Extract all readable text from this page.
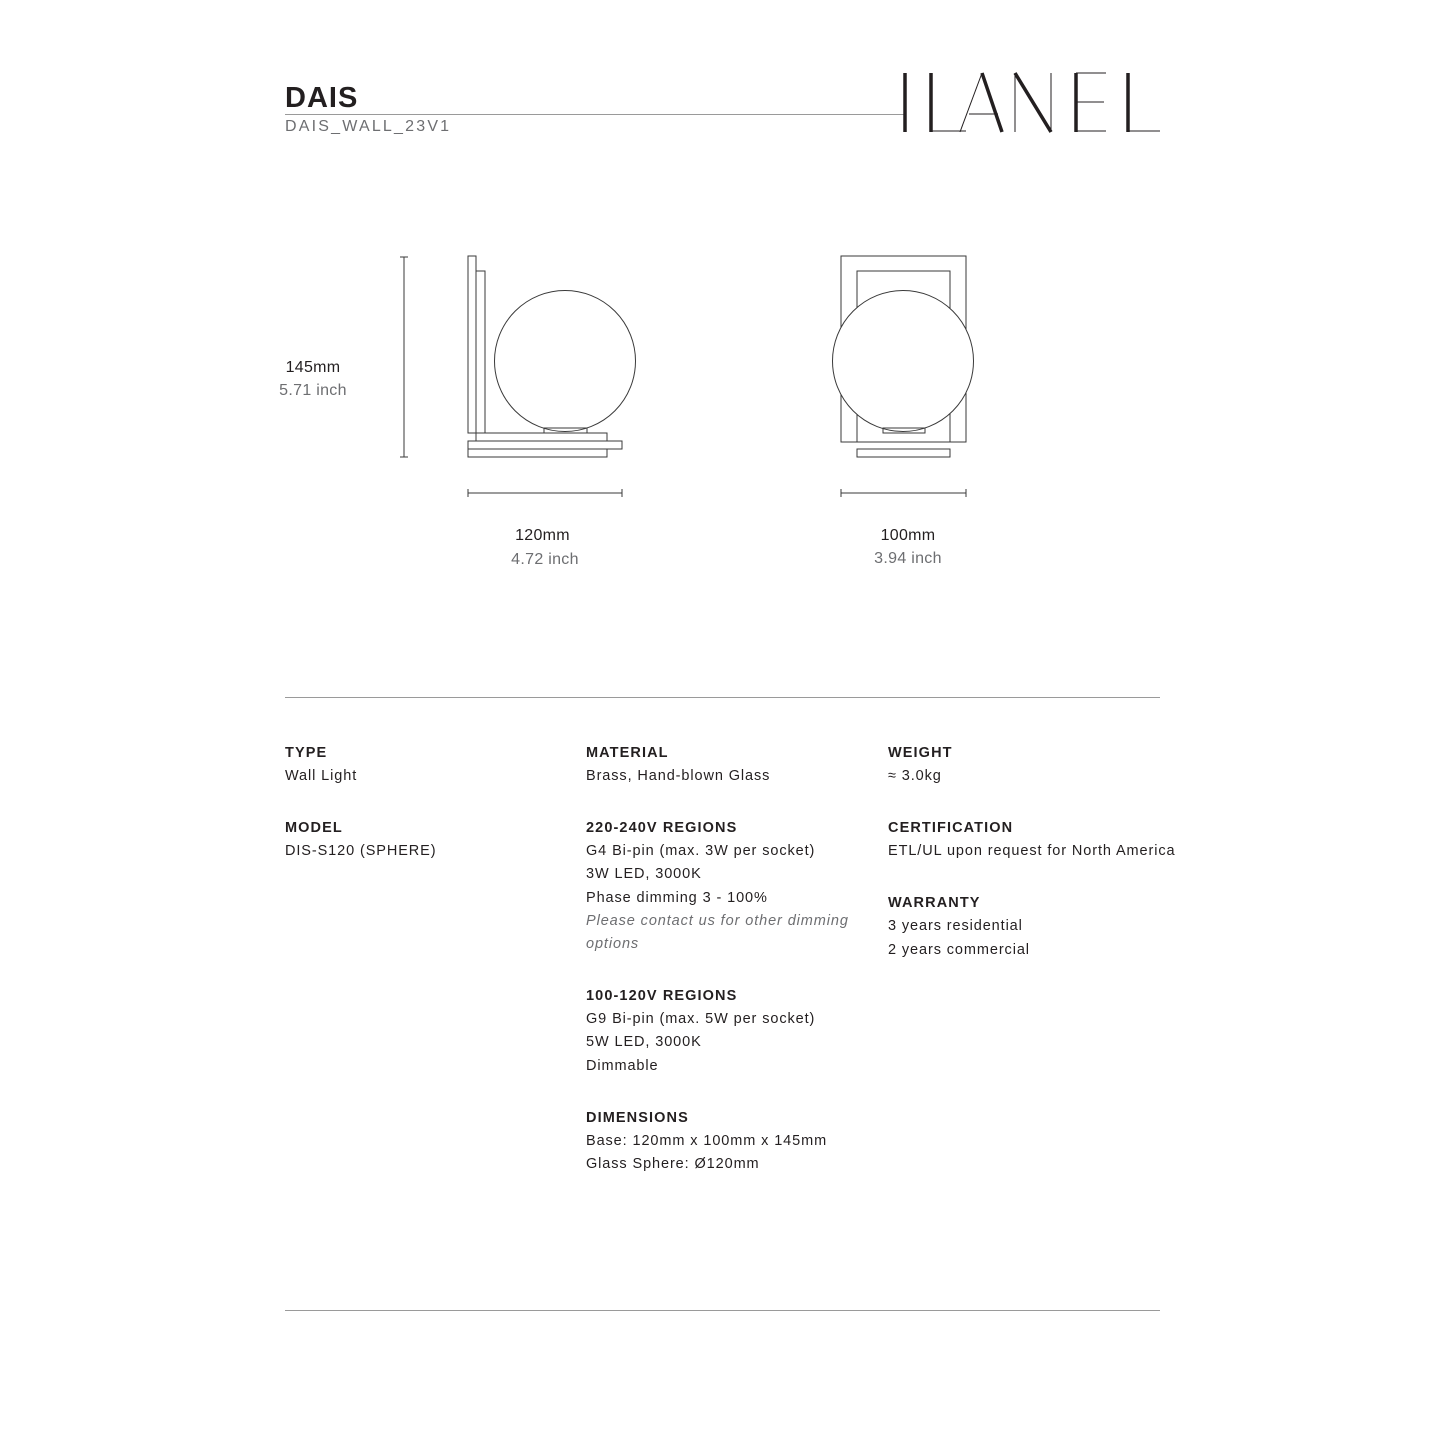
DAIS
DAIS_WALL_23V1
145mm
5.71 inch
120mm
4.72 inch
100mm
3.94 inch

TYPE

Wall Light

MODEL

DIS-S120 (SPHERE)

MATERIAL

Brass, Hand-blown Glass

220-240V REGIONS

G4 Bi-pin (max. 3W per socket)

3W LED, 3000K

Phase dimming 3 - 100%

Please contact us for other dimming

options

100-120V REGIONS

G9 Bi-pin (max. 5W per socket)

5W LED, 3000K

Dimmable

DIMENSIONS

Base: 120mm x 100mm x 145mm

Glass Sphere: Ø120mm

WEIGHT

≈ 3.0kg

CERTIFICATION

ETL/UL upon request for North America

WARRANTY

3 years residential

2 years commercial
